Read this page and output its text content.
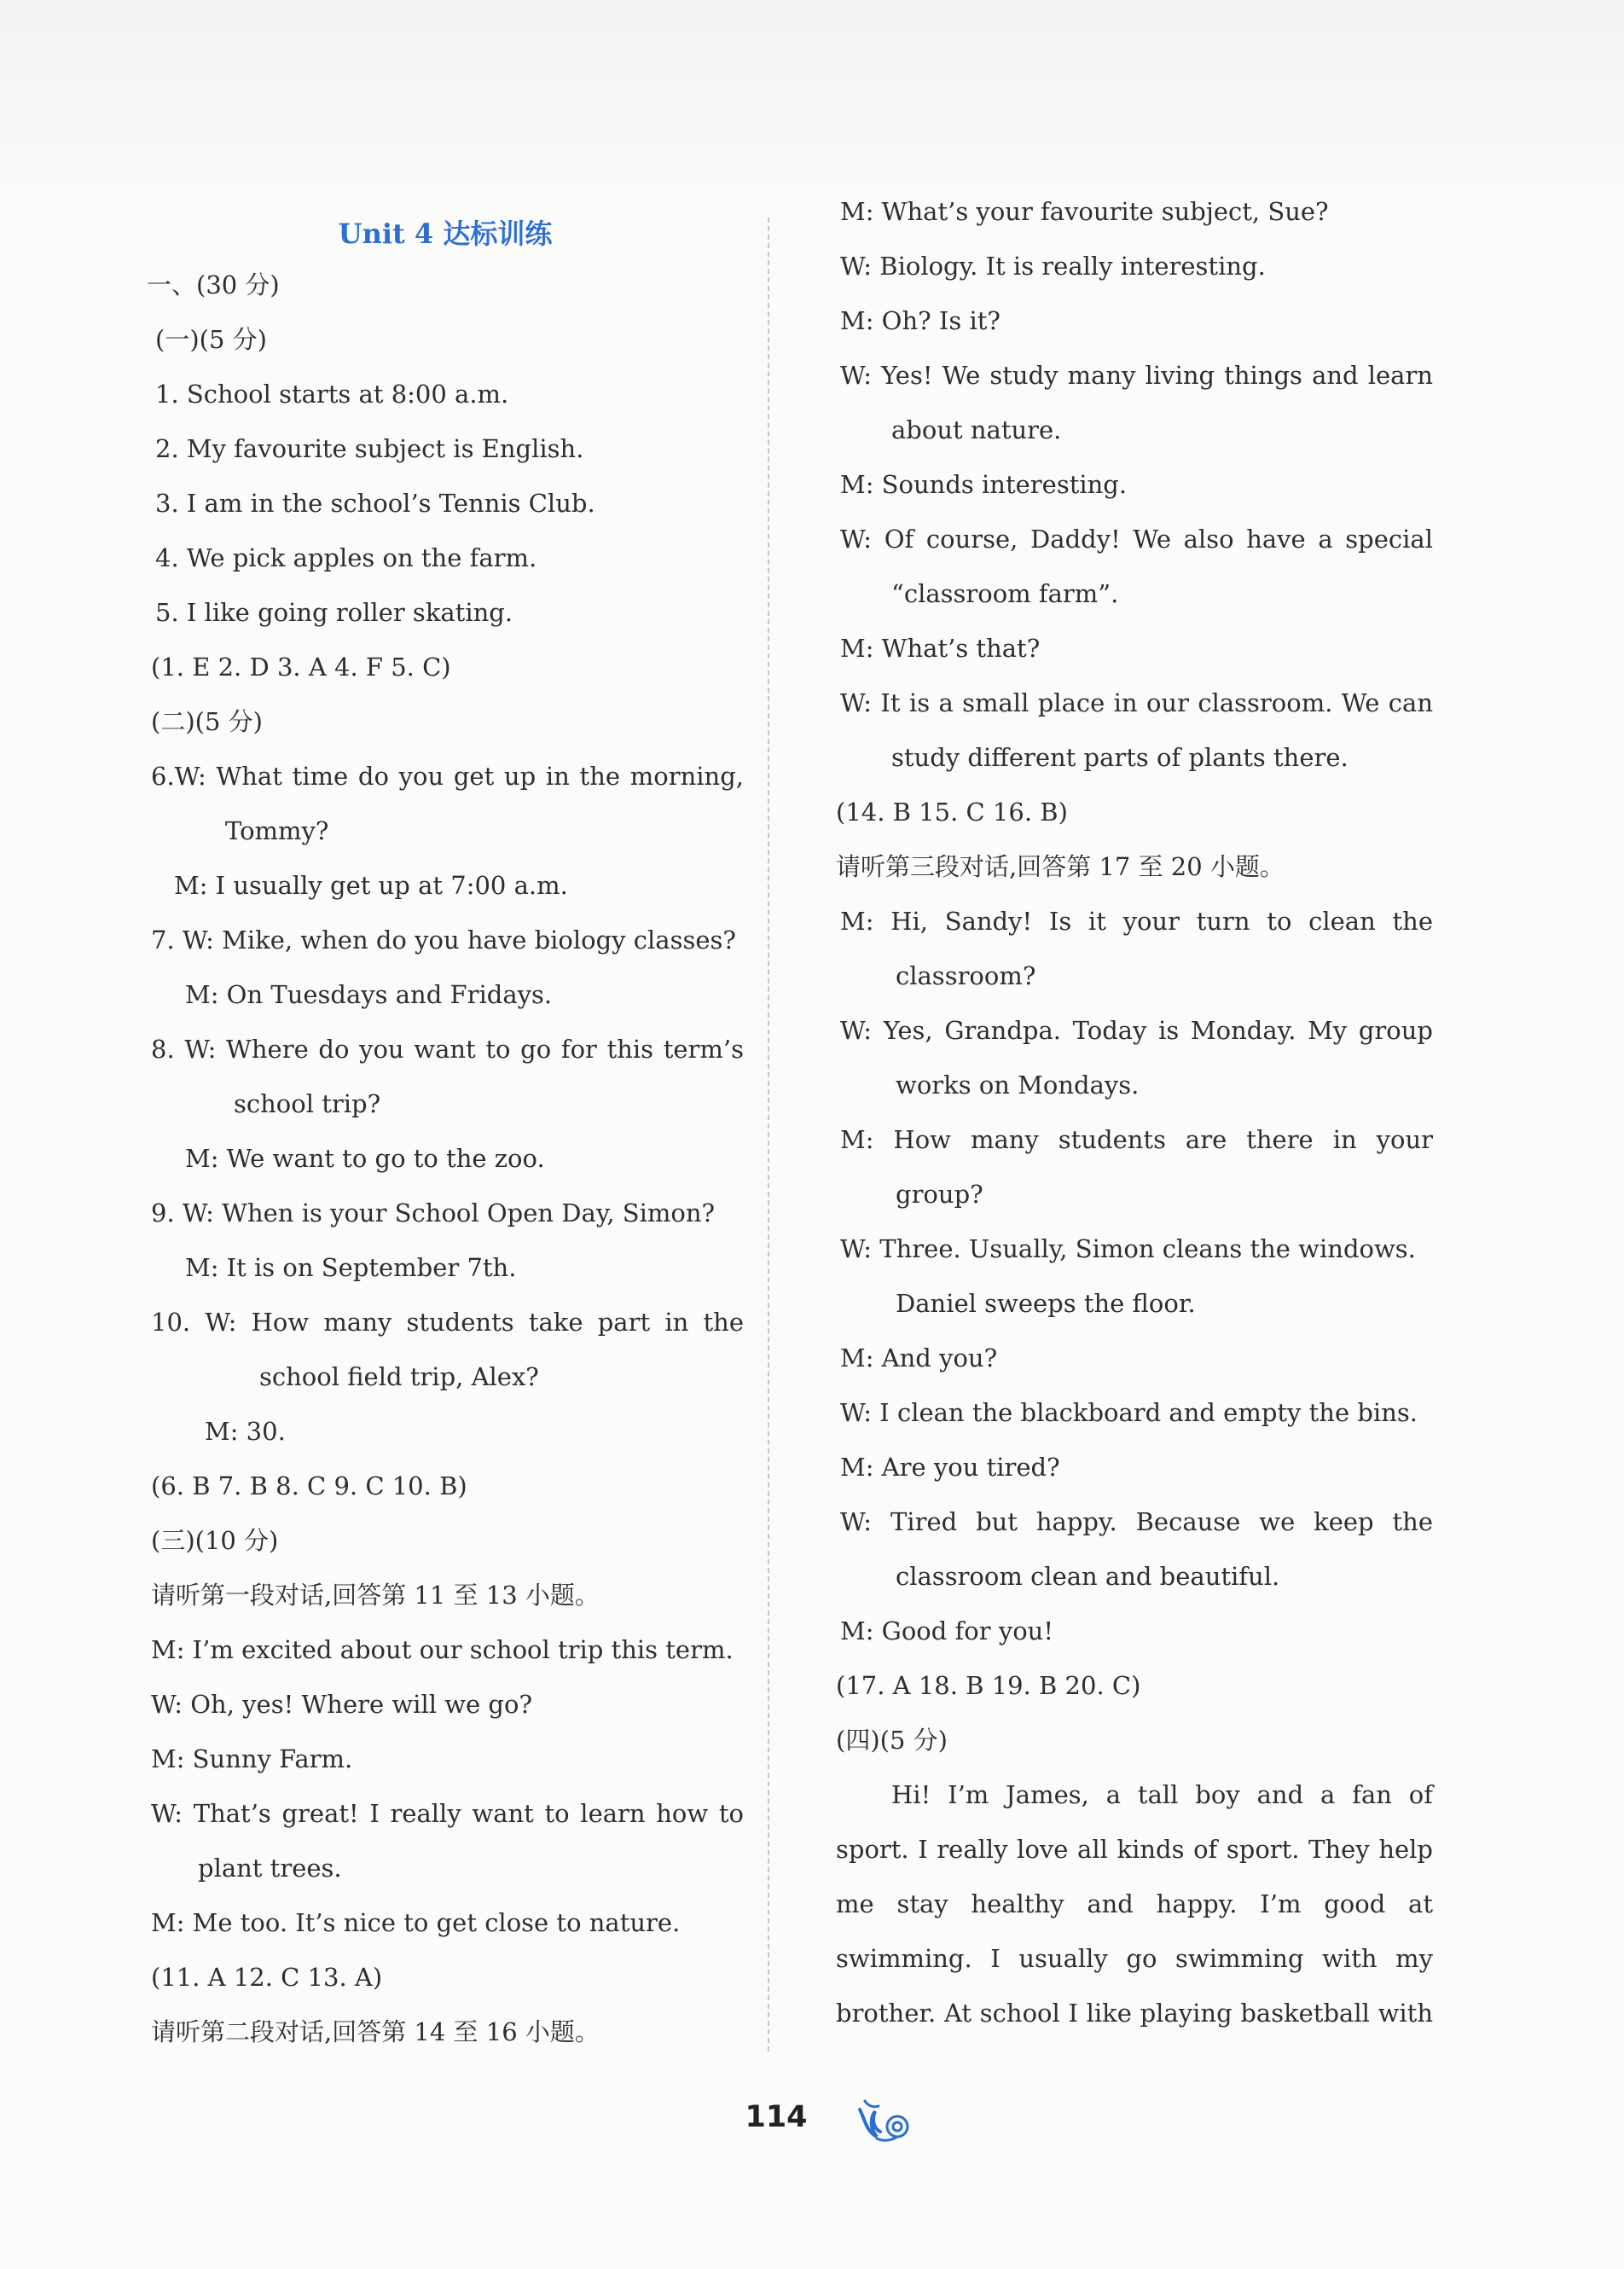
Unit 4 达标训练
一、(30 分)
(一)(5 分)
1. School starts at 8:00 a.m.
2. My favourite subject is English.
3. I am in the school’s Tennis Club.
4. We pick apples on the farm.
5. I like going roller skating.
(1. E 2. D 3. A 4. F 5. C)
(二)(5 分)
6.W: What time do you get up in the morning,
Tommy?
M: I usually get up at 7:00 a.m.
7. W: Mike, when do you have biology classes?
M: On Tuesdays and Fridays.
8. W: Where do you want to go for this term’s
school trip?
M: We want to go to the zoo.
9. W: When is your School Open Day, Simon?
M: It is on September 7th.
10. W: How many students take part in the
school field trip, Alex?
M: 30.
(6. B 7. B 8. C 9. C 10. B)
(三)(10 分)
请听第一段对话,回答第 11 至 13 小题。
M: I’m excited about our school trip this term.
W: Oh, yes! Where will we go?
M: Sunny Farm.
W: That’s great! I really want to learn how to
plant trees.
M: Me too. It’s nice to get close to nature.
(11. A 12. C 13. A)
请听第二段对话,回答第 14 至 16 小题。
M: What’s your favourite subject, Sue?
W: Biology. It is really interesting.
M: Oh? Is it?
W: Yes! We study many living things and learn
about nature.
M: Sounds interesting.
W: Of course, Daddy! We also have a special
“classroom farm”.
M: What’s that?
W: It is a small place in our classroom. We can
study different parts of plants there.
(14. B 15. C 16. B)
请听第三段对话,回答第 17 至 20 小题。
M: Hi, Sandy! Is it your turn to clean the
classroom?
W: Yes, Grandpa. Today is Monday. My group
works on Mondays.
M: How many students are there in your
group?
W: Three. Usually, Simon cleans the windows.
Daniel sweeps the floor.
M: And you?
W: I clean the blackboard and empty the bins.
M: Are you tired?
W: Tired but happy. Because we keep the
classroom clean and beautiful.
M: Good for you!
(17. A 18. B 19. B 20. C)
(四)(5 分)
Hi! I’m James, a tall boy and a fan of
sport. I really love all kinds of sport. They help
me stay healthy and happy. I’m good at
swimming. I usually go swimming with my
brother. At school I like playing basketball with
114
